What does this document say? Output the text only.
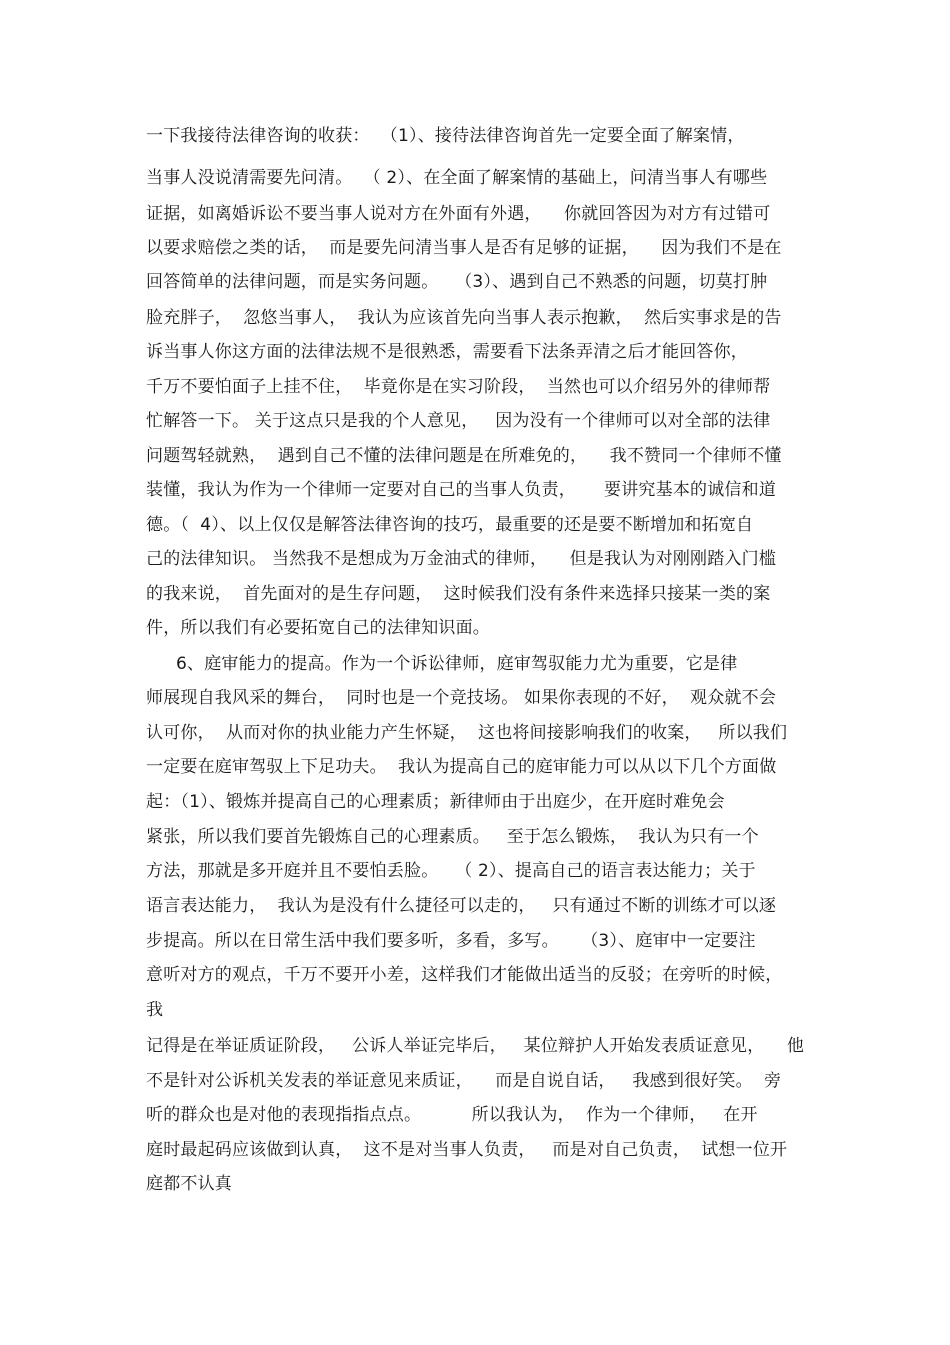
一下我接待法律咨询的收获：  （1）、接待法律咨询首先一定要全面了解案情，
当事人没说清需要先问清。  （ 2）、在全面了解案情的基础上，问清当事人有哪些
证据，如离婚诉讼不要当事人说对方在外面有外遇，    你就回答因为对方有过错可
以要求赔偿之类的话，  而是要先问清当事人是否有足够的证据，    因为我们不是在
回答简单的法律问题，而是实务问题。   （3）、遇到自己不熟悉的问题，切莫打肿
脸充胖子，  忽悠当事人，  我认为应该首先向当事人表示抱歉，  然后实事求是的告
诉当事人你这方面的法律法规不是很熟悉，需要看下法条弄清之后才能回答你，
千万不要怕面子上挂不住，  毕竟你是在实习阶段，  当然也可以介绍另外的律师帮
忙解答一下。 关于这点只是我的个人意见，   因为没有一个律师可以对全部的法律
问题驾轻就熟，  遇到自己不懂的法律问题是在所难免的，    我不赞同一个律师不懂
装懂，我认为作为一个律师一定要对自己的当事人负责，     要讲究基本的诚信和道
德。（  4）、以上仅仅是解答法律咨询的技巧，最重要的还是要不断增加和拓宽自
己的法律知识。 当然我不是想成为万金油式的律师，    但是我认为对刚刚踏入门槛
的我来说，  首先面对的是生存问题，  这时候我们没有条件来选择只接某一类的案
件，所以我们有必要拓宽自己的法律知识面。
6、庭审能力的提高。作为一个诉讼律师，庭审驾驭能力尤为重要，它是律
师展现自我风采的舞台，  同时也是一个竞技场。 如果你表现的不好，  观众就不会
认可你，  从而对你的执业能力产生怀疑，  这也将间接影响我们的收案，   所以我们
一定要在庭审驾驭上下足功夫。  我认为提高自己的庭审能力可以从以下几个方面做
起：（1）、锻炼并提高自己的心理素质；新律师由于出庭少，在开庭时难免会
紧张，所以我们要首先锻炼自己的心理素质。   至于怎么锻炼，  我认为只有一个
方法，那就是多开庭并且不要怕丢脸。   （ 2）、提高自己的语言表达能力；关于
语言表达能力，  我认为是没有什么捷径可以走的，   只有通过不断的训练才可以逐
步提高。所以在日常生活中我们要多听，多看，多写。    （3）、庭审中一定要注
意听对方的观点，千万不要开小差，这样我们才能做出适当的反驳；在旁听的时候，
我
记得是在举证质证阶段，   公诉人举证完毕后，   某位辩护人开始发表质证意见，    他
不是针对公诉机关发表的举证意见来质证，    而是自说自话，   我感到很好笑。  旁
听的群众也是对他的表现指指点点。         所以我认为，  作为一个律师，   在开
庭时最起码应该做到认真，  这不是对当事人负责，   而是对自己负责，  试想一位开
庭都不认真
